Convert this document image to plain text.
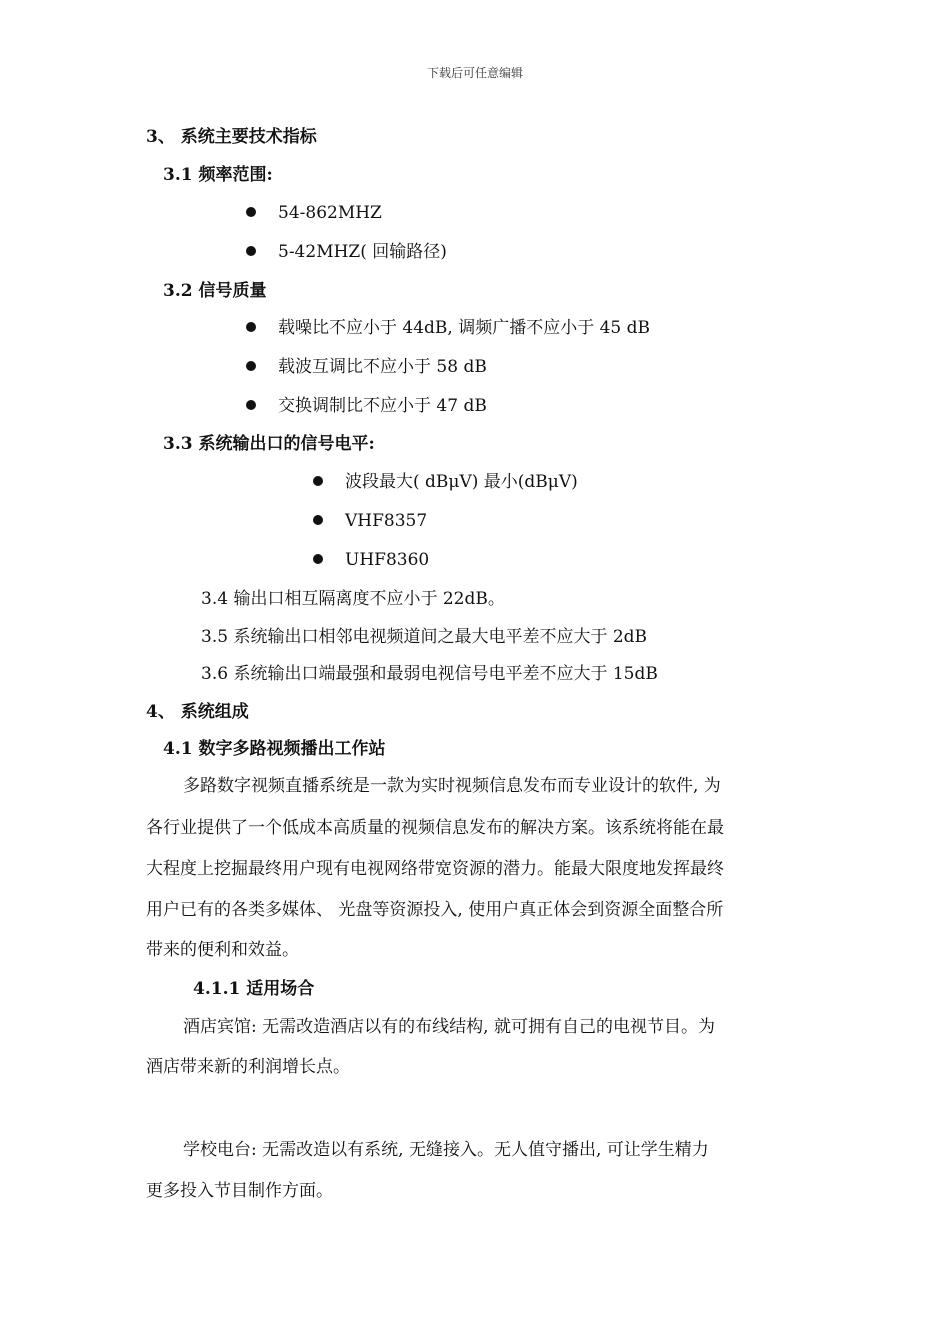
下载后可任意编辑
3、 系统主要技术指标
3.1 频率范围:
54-862MHZ
5-42MHZ( 回输路径)
3.2 信号质量
载噪比不应小于 44dB, 调频广播不应小于 45 dB
载波互调比不应小于 58 dB
交换调制比不应小于 47 dB
3.3 系统输出口的信号电平:
波段最大( dBμV) 最小(dBμV)
VHF8357
UHF8360
3.4 输出口相互隔离度不应小于 22dB。
3.5 系统输出口相邻电视频道间之最大电平差不应大于 2dB
3.6 系统输出口端最强和最弱电视信号电平差不应大于 15dB
4、 系统组成
4.1 数字多路视频播出工作站
多路数字视频直播系统是一款为实时视频信息发布而专业设计的软件, 为
各行业提供了一个低成本高质量的视频信息发布的解决方案。该系统将能在最
大程度上挖掘最终用户现有电视网络带宽资源的潜力。能最大限度地发挥最终
用户已有的各类多媒体、 光盘等资源投入, 使用户真正体会到资源全面整合所
带来的便利和效益。
4.1.1 适用场合
酒店宾馆: 无需改造酒店以有的布线结构, 就可拥有自己的电视节目。为
酒店带来新的利润增长点。
学校电台: 无需改造以有系统, 无缝接入。无人值守播出, 可让学生精力
更多投入节目制作方面。
